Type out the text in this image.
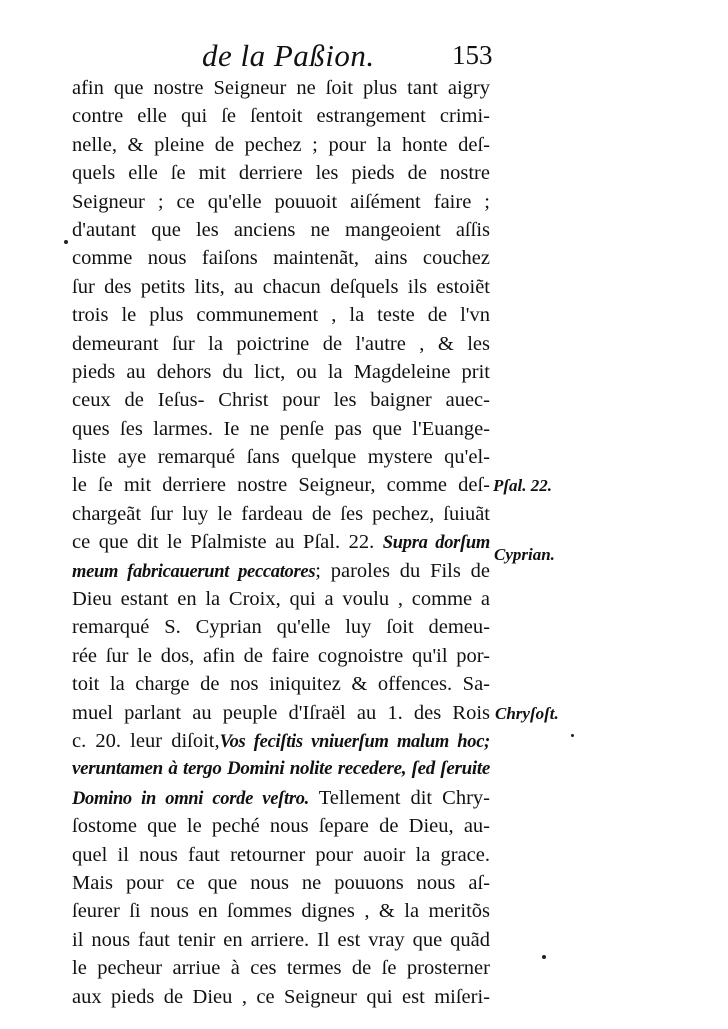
de la Paßion.	153
afin que nostre Seigneur ne ſoit plus tant aigry
contre elle qui ſe ſentoit estrangement crimi-
nelle, & pleine de pechez ; pour la honte deſ-
quels elle ſe mit derriere les pieds de nostre
Seigneur ; ce qu'elle pouuoit aiſément faire ;
d'autant que les anciens ne mangeoient aſſis
comme nous faiſons maintenãt, ains couchez
ſur des petits lits, au chacun deſquels ils estoiẽt
trois le plus communement , la teste de l'vn
demeurant ſur la poictrine de l'autre , & les
pieds au dehors du lict, ou la Magdeleine prit
ceux de Ieſus- Christ pour les baigner auec-
ques ſes larmes. Ie ne penſe pas que l'Euange-
liste aye remarqué ſans quelque mystere qu'el-
le ſe mit derriere nostre Seigneur, comme deſ-
chargeãt ſur luy le fardeau de ſes pechez, ſuiuãt
ce que dit le Pſalmiste au Pſal. 22. Supra dorſum
meum fabricauerunt peccatores; paroles du Fils de
Dieu estant en la Croix, qui a voulu , comme a
remarqué S. Cyprian qu'elle luy ſoit demeu-
rée ſur le dos, afin de faire cognoistre qu'il por-
toit la charge de nos iniquitez & offences. Sa-
muel parlant au peuple d'Iſraël au 1. des Rois
c. 20. leur diſoit,Vos feciſtis vniuerſum malum hoc;
veruntamen à tergo Domini nolite recedere, ſed ſeruite
Domino in omni corde veſtro. Tellement dit Chry-
ſostome que le peché nous ſepare de Dieu, au-
quel il nous faut retourner pour auoir la grace.
Mais pour ce que nous ne pouuons nous aſ-
ſeurer ſi nous en ſommes dignes , & la meritõs
il nous faut tenir en arriere. Il est vray que quãd
le pecheur arriue à ces termes de ſe prosterner
aux pieds de Dieu , ce Seigneur qui est miſeri-
Pſal. 22.
Cyprian.
Chryſoſt.
